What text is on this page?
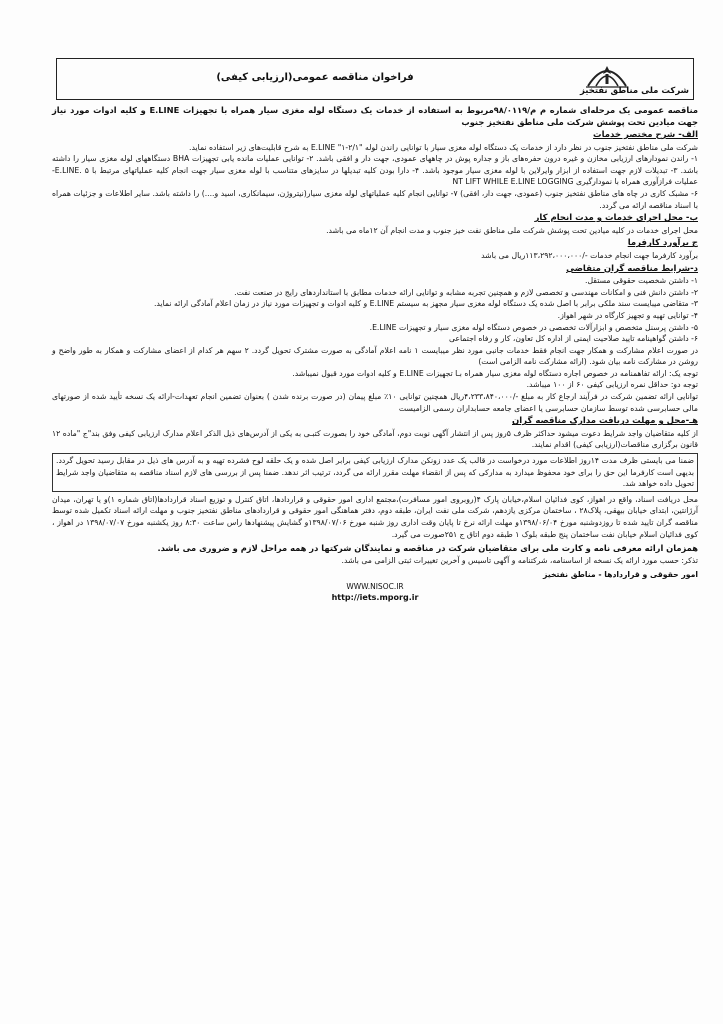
شرکت ملی مناطق نفتخیز
فراخوان مناقصه عمومی(ارزیابی کیفی)

مناقصه عمومی یک مرحله‌ای شماره م م/۹۸/۰۱۱۹مربوط به استفاده از خدمات یک دستگاه لوله مغزی سیار همراه با تجهیزات E.LINE و کلیه ادوات مورد نیاز جهت میادین تحت پوشش شرکت ملی مناطق نفتخیز جنوب

الف- شرح مختصر خدمات

شرکت ملی مناطق نفتخیز جنوب در نظر دارد از خدمات یک دستگاه لوله مغزی سیار با توانایی راندن لوله "۲/۱-۱" E.LINE به شرح قابلیت‌های زیر استفاده نماید.

۱- راندن نمودارهای ارزیابی مخازن و غیره درون حفره‌های باز و جداره پوش در چاههای عمودی، جهت دار و افقی باشد. ۲- توانایی عملیات مانده یابی تجهیزات BHA دستگاههای لوله مغزی سیار را داشته باشد. ۳- تبدیلات لازم جهت استفاده از ابزار وایرلاین با لوله مغزی سیار موجود باشد. ۴- دارا بودن کلیه تبدیلها در سایزهای متناسب با لوله مغزی سیار جهت انجام کلیه عملیاتهای مرتبط با E.LINE. ۵- عملیات فرازآوری همراه با نمودارگیری NT LIFT WHILE E.LINE LOGGING

۶- مشبک کاری در چاه های مناطق نفتخیز جنوب (عمودی، جهت دار، افقی) ۷- توانایی انجام کلیه عملیاتهای لوله مغزی سیار(نیتروژن، سیمانکاری، اسید و....) را داشته باشد. سایر اطلاعات و جزئیات همراه با اسناد مناقصه ارائه می گردد.

ب- محل اجرای خدمات و مدت انجام کار

محل اجرای خدمات در کلیه میادین تحت پوشش شرکت ملی مناطق نفت خیز جنوب و مدت انجام آن ۱۲ماه می باشد.

ج برآورد کارفرما

برآورد کارفرما جهت انجام خدمات -/۱۱۳،۲۹۲،۰۰۰،۰۰۰ریال می باشد

د-شرایط مناقصه گران متقاضی

۱- داشتن شخصیت حقوقی مستقل.

۲- داشتن دانش فنی و امکانات مهندسی و تخصصی لازم و همچنین تجربه مشابه و توانایی ارائه خدمات مطابق با استانداردهای رایج در صنعت نفت.

۳- متقاضی میبایست سند ملکی برابر با اصل شده یک دستگاه لوله مغزی سیار مجهز به سیستم E.LINE و کلیه ادوات و تجهیزات مورد نیاز در زمان اعلام آمادگی ارائه نماید.

۴- توانایی تهیه و تجهیز کارگاه در شهر اهواز.

۵- داشتن پرسنل متخصص و ابزارآلات تخصصی در خصوص دستگاه لوله مغزی سیار و تجهیزات E.LINE.

۶- داشتن گواهینامه تایید صلاحیت ایمنی از اداره کل تعاون، کار و رفاه اجتماعی

در صورت اعلام مشارکت و همکار جهت انجام فقط خدمات جانبی مورد نظر میبایست ۱ نامه اعلام آمادگی به صورت مشترک تحویل گردد. ۲ سهم هر کدام از اعضای مشارکت و همکار به طور واضح و روشن در مشارکت نامه بیان شود. (ارائه مشارکت نامه الزامی است)

توجه یک: ارائه تفاهمنامه در خصوص اجاره دستگاه لوله مغزی سیار همراه بـا تجهیزات E.LINE و کلیه ادوات مورد قبول نمیباشد.

توجه دو: حداقل نمره ارزیابی کیفی ۶۰ از ۱۰۰ میباشد.

توانایی ارائه تضمین شرکت در فرآیند ارجاع کار به مبلغ -/۴،۲۳۳،۸۴۰،۰۰۰ریال همچنین توانایی ۱۰٪ مبلغ پیمان (در صورت برنده شدن ) بعنوان تضمین انجام تعهدات-ارائه یک نسخه تأیید شده از صورتهای مالی حسابرسی شده توسط سازمان حسابرسی یا اعضای جامعه حسابداران رسمی الزامیست

هـ-محل و مهلت دریافت مدارک مناقصه گران

از کلیه متقاضیان واجد شرایط دعوت میشود حداکثر ظرف ۵روز پس از انتشار آگهی نوبت دوم، آمادگی خود را بصورت کتبـی به یکی از آدرس‌های ذیل الذکر اعلام مدارک ارزیابی کیفی وفق بند"ج "ماده ۱۲ قانون برگزاری مناقصات(ارزیابی کیفی) اقدام نمایند.

ضمنا می بایستی ظرف مدت ۱۴روز اطلاعات مورد درخواست در قالب یک عدد زونکن مدارک ارزیابی کیفی برابر اصل شده و یک حلقه لوح فشرده تهیه و به آدرس های ذیل در مقابل رسید تحویل گردد. بدیهی است کارفرما این حق را برای خود محفوظ میدارد به مدارکی که پس از انقضاء مهلت مقرر ارائه می گردد، ترتیب اثر ندهد. ضمنا پس از بررسی های لازم اسناد مناقصه به متقاضیان واجد شرایط تحویل داده خواهد شد.

محل دریافت اسناد، واقع در اهواز، کوی فدائیان اسلام،خیابان پارک ۴(روبروی امور مسافرت)،مجتمع اداری امور حقوقی و قراردادها، اتاق کنترل و توزیع اسناد قراردادها(اتاق شماره ۱)و یا تهران، میدان آرژانتین، ابتدای خیابان بیهقی، پلاک۲۸ ، ساختمان مرکزی یازدهم، شرکت ملی نفت ایران، طبقه دوم، دفتر هماهنگی امور حقوقی و قراردادهای مناطق نفتخیز جنوب و مهلت ارائه اسناد تکمیل شده توسط مناقصه گران تایید شده تا روزدوشنبه مورخ ۱۳۹۸/۰۶/۰۴و مهلت ارائه نرخ تا پایان وقت اداری روز شنبه مورخ ۱۳۹۸/۰۷/۰۶و گشایش پیشنهادها راس ساعت ۸:۳۰ روز یکشنبه مورخ ۱۳۹۸/۰۷/۰۷ در اهواز ، کوی فدائیان اسلام خیابان نفت ساختمان پنج طبقه بلوک ۱ طبقه دوم اتاق ج ۲۵۱صورت می گیرد.

همزمان ارائه معرفی نامه و کارت ملی برای متقاضیان شرکت در مناقصه و نمایندگان شرکتها در همه مراحل لازم و ضروری می باشد.

تذکر: حسب مورد ارائه یک نسخه از اساسنامه، شرکتنامه و آگهی تاسیس و آخرین تغییرات ثبتی الزامی می باشد.

امور حقوقی و قراردادها - مناطق نفتخیز

WWW.NISOC.IR
http://iets.mporg.ir
